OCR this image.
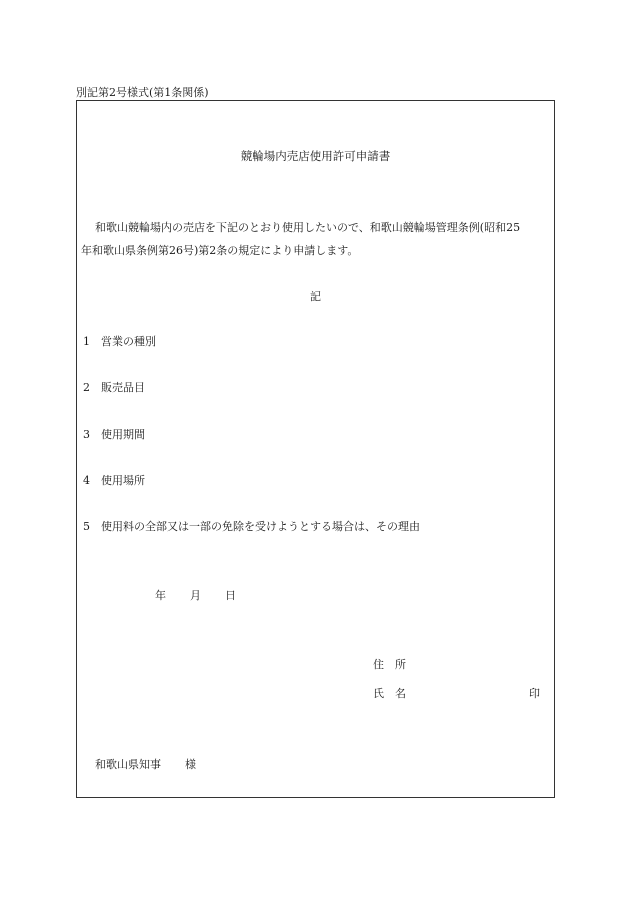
別記第2号様式(第1条関係)
競輪場内売店使用許可申請書
和歌山競輪場内の売店を下記のとおり使用したいので、和歌山競輪場管理条例(昭和25
年和歌山県条例第26号)第2条の規定により申請します。
記
1 営業の種別
2 販売品目
3 使用期間
4 使用場所
5 使用料の全部又は一部の免除を受けようとする場合は、その理由
年 月 日
住　所
氏　名	印
和歌山県知事 様
